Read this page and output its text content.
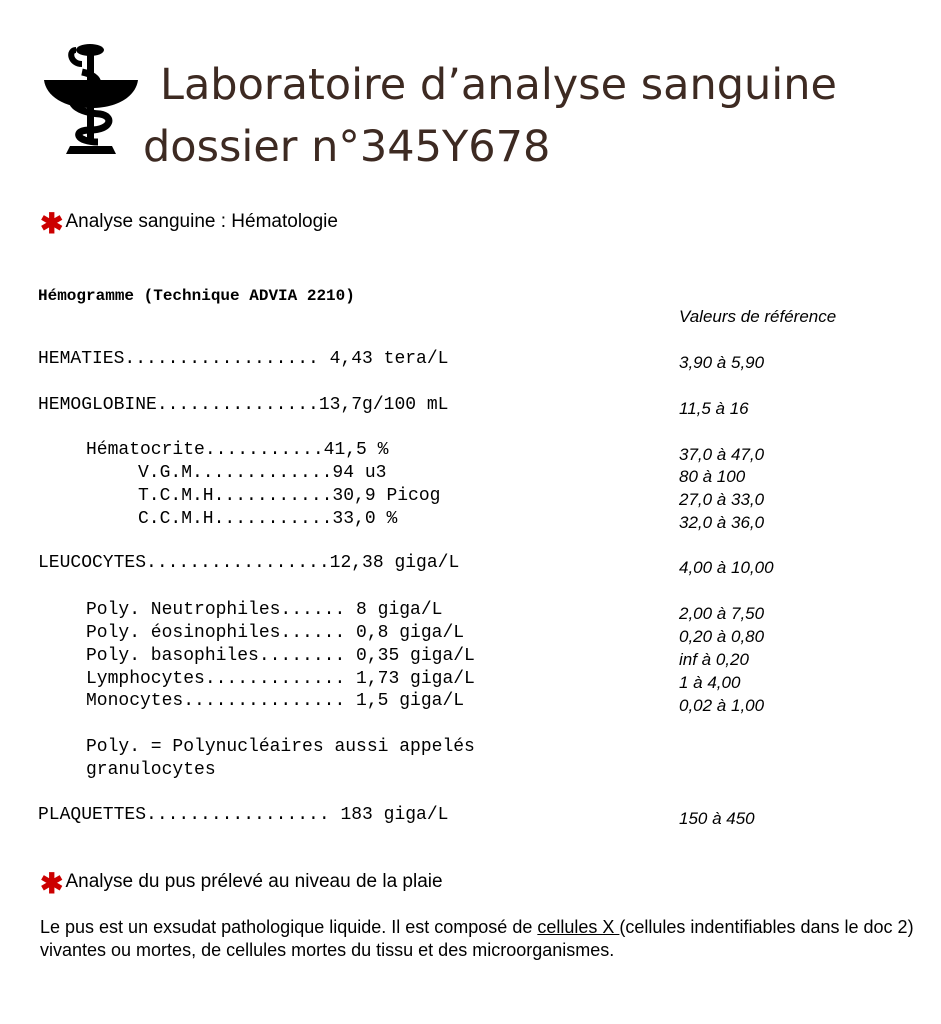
Laboratoire d’analyse sanguine
dossier n°345Y678
✱ Analyse sanguine : Hématologie
Hémogramme (Technique ADVIA 2210)
Valeurs de référence
HEMATIES.................. 4,43 tera/L	3,90 à 5,90
HEMOGLOBINE...............13,7g/100 mL	11,5 à 16
Hématocrite...........41,5 %	37,0 à 47,0
V.G.M.............94 u3	80 à 100
T.C.M.H...........30,9 Picog	27,0 à 33,0
C.C.M.H...........33,0 %	32,0 à 36,0
LEUCOCYTES.................12,38 giga/L	4,00 à 10,00
Poly. Neutrophiles...... 8 giga/L	2,00 à 7,50
Poly. éosinophiles...... 0,8 giga/L	0,20 à 0,80
Poly. basophiles........ 0,35 giga/L	inf à 0,20
Lymphocytes............. 1,73 giga/L	1 à 4,00
Monocytes............... 1,5 giga/L	0,02 à 1,00
Poly. = Polynucléaires aussi appelés
granulocytes
PLAQUETTES................. 183 giga/L	150 à 450
✱ Analyse du pus prélevé au niveau de la plaie
Le pus est un exsudat pathologique liquide. Il est composé de cellules X (cellules indentifiables dans le doc 2) vivantes ou mortes, de cellules mortes du tissu et des microorganismes.
